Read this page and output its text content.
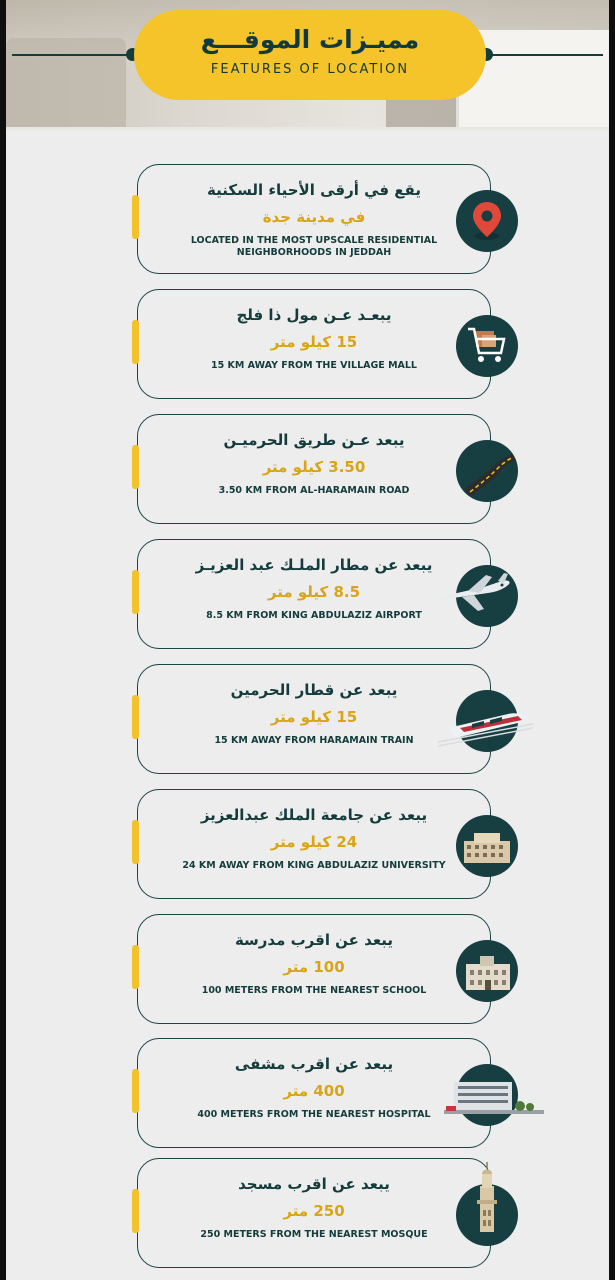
مميـزات الموقـــع
FEATURES OF LOCATION
يقع في أرقى الأحياء السكنية
في مدينة جدة
LOCATED IN THE MOST UPSCALE RESIDENTIAL NEIGHBORHOODS IN JEDDAH
يبعـد عـن مول ذا فلج
15 كيلو متر
15 KM AWAY FROM THE VILLAGE MALL
يبعد عـن طريق الحرميـن
3.50 كيلو متر
3.50 KM FROM AL-HARAMAIN ROAD
يبعد عن مطار الملـك عبد العزيـز
8.5 كيلو متر
8.5 KM FROM KING ABDULAZIZ AIRPORT
يبعد عن قطار الحرمين
15 كيلو متر
15 KM AWAY FROM HARAMAIN TRAIN
يبعد عن جامعة الملك عبدالعزيز
24 كيلو متر
24 KM AWAY FROM KING ABDULAZIZ UNIVERSITY
يبعد عن اقرب مدرسة
100 متر
100 METERS FROM THE NEAREST SCHOOL
يبعد عن اقرب مشفى
400 متر
400 METERS FROM THE NEAREST HOSPITAL
يبعد عن اقرب مسجد
250 متر
250 METERS FROM THE NEAREST MOSQUE
